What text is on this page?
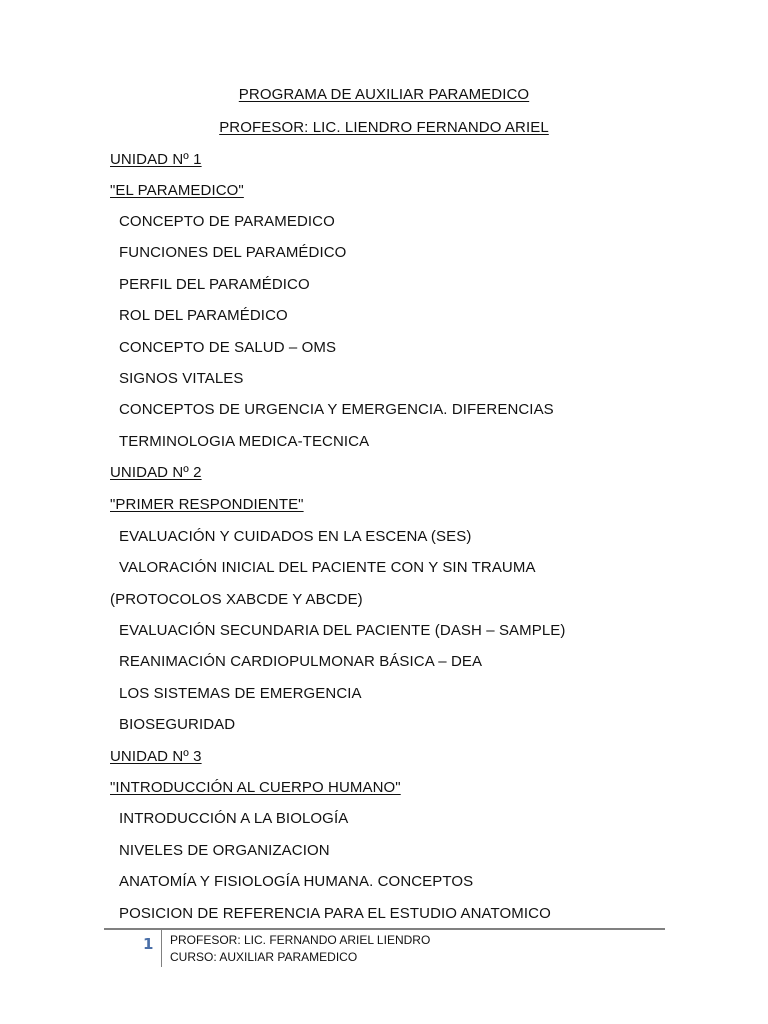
PROGRAMA DE AUXILIAR PARAMEDICO
PROFESOR: LIC. LIENDRO FERNANDO ARIEL
UNIDAD Nº 1
"EL PARAMEDICO"
CONCEPTO DE PARAMEDICO
FUNCIONES DEL PARAMÉDICO
PERFIL DEL PARAMÉDICO
ROL DEL PARAMÉDICO
CONCEPTO DE SALUD – OMS
SIGNOS VITALES
CONCEPTOS DE URGENCIA Y EMERGENCIA. DIFERENCIAS
TERMINOLOGIA MEDICA-TECNICA
UNIDAD Nº 2
"PRIMER RESPONDIENTE"
EVALUACIÓN Y CUIDADOS EN LA ESCENA (SES)
VALORACIÓN INICIAL DEL PACIENTE CON Y SIN TRAUMA
(PROTOCOLOS XABCDE Y ABCDE)
EVALUACIÓN SECUNDARIA DEL PACIENTE (DASH – SAMPLE)
REANIMACIÓN CARDIOPULMONAR BÁSICA – DEA
LOS SISTEMAS DE EMERGENCIA
BIOSEGURIDAD
UNIDAD Nº 3
"INTRODUCCIÓN AL CUERPO HUMANO"
INTRODUCCIÓN A LA BIOLOGÍA
NIVELES DE ORGANIZACION
ANATOMÍA Y FISIOLOGÍA HUMANA. CONCEPTOS
POSICION DE REFERENCIA PARA EL ESTUDIO ANATOMICO
1 PROFESOR: LIC. FERNANDO ARIEL LIENDRO
CURSO: AUXILIAR PARAMEDICO
